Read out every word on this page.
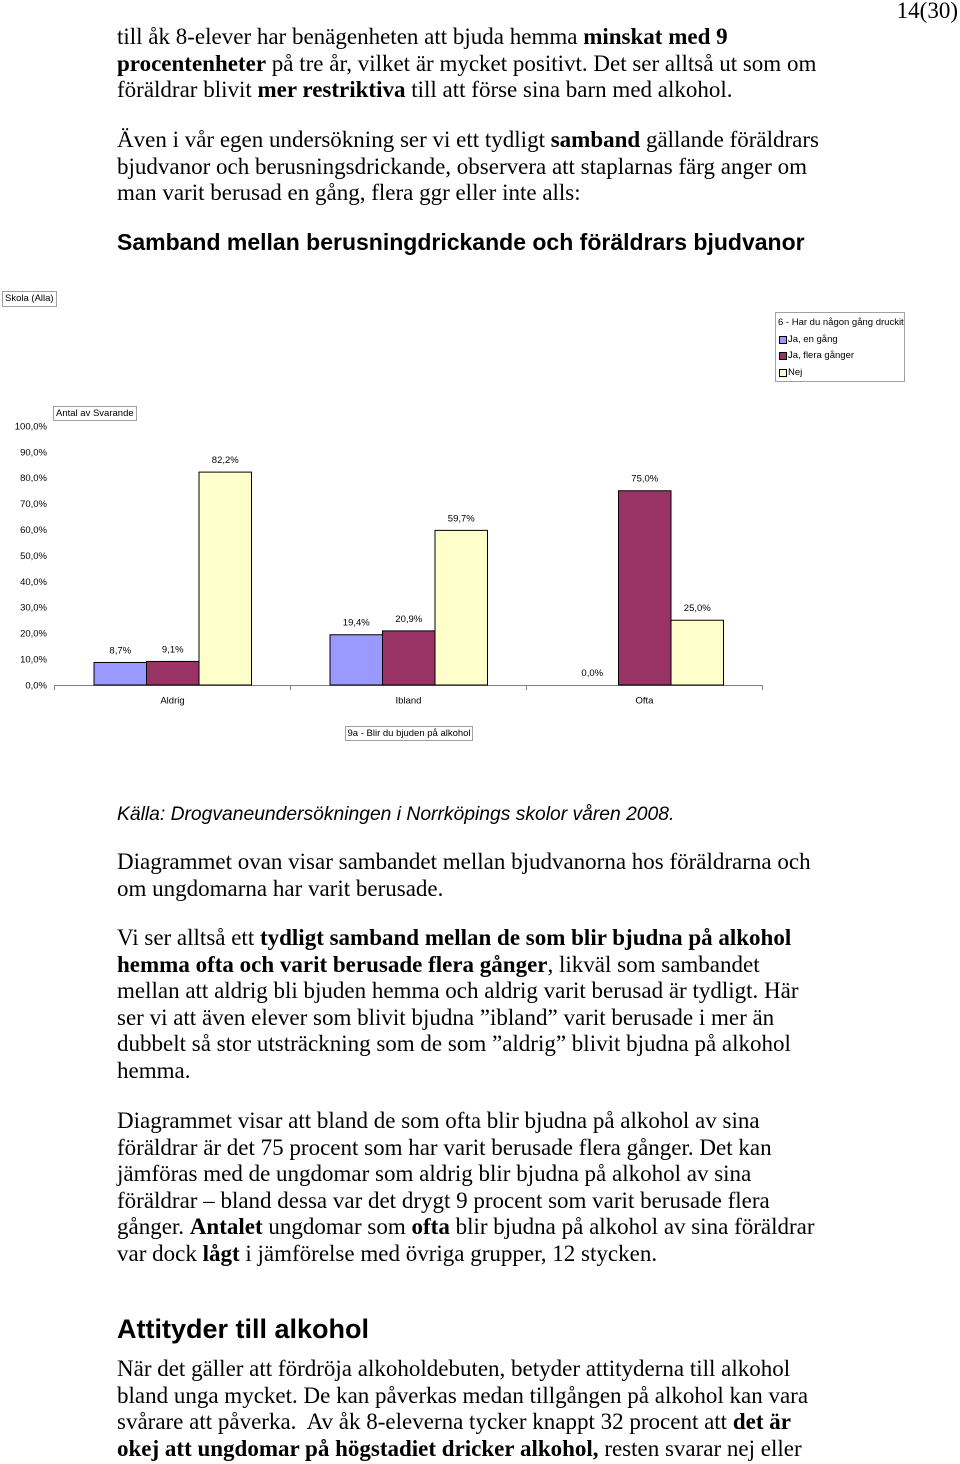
14(30)
till åk 8-elever har benägenheten att bjuda hemma minskat med 9
procentenheter på tre år, vilket är mycket positivt. Det ser alltså ut som om
föräldrar blivit mer restriktiva till att förse sina barn med alkohol.
Även i vår egen undersökning ser vi ett tydligt samband gällande föräldrars
bjudvanor och berusningsdrickande, observera att staplarnas färg anger om
man varit berusad en gång, flera ggr eller inte alls:
Samband mellan berusningdrickande och föräldrars bjudvanor
Skola (Alla)
6 - Har du någon gång druckit
Ja, en gång
Ja, flera gånger
Nej
Antal av Svarande
0,0%
10,0%
20,0%
30,0%
40,0%
50,0%
60,0%
70,0%
80,0%
90,0%
100,0%
Aldrig	Ibland	Ofta
8,7%
19,4%
0,0%
9,1%
20,9%
75,0%
82,2%
59,7%
25,0%
9a - Blir du bjuden på alkohol
Källa: Drogvaneundersökningen i Norrköpings skolor våren 2008.
Diagrammet ovan visar sambandet mellan bjudvanorna hos föräldrarna och
om ungdomarna har varit berusade.
Vi ser alltså ett tydligt samband mellan de som blir bjudna på alkohol
hemma ofta och varit berusade flera gånger, likväl som sambandet
mellan att aldrig bli bjuden hemma och aldrig varit berusad är tydligt. Här
ser vi att även elever som blivit bjudna ”ibland” varit berusade i mer än
dubbelt så stor utsträckning som de som ”aldrig” blivit bjudna på alkohol
hemma.
Diagrammet visar att bland de som ofta blir bjudna på alkohol av sina
föräldrar är det 75 procent som har varit berusade flera gånger. Det kan
jämföras med de ungdomar som aldrig blir bjudna på alkohol av sina
föräldrar – bland dessa var det drygt 9 procent som varit berusade flera
gånger. Antalet ungdomar som ofta blir bjudna på alkohol av sina föräldrar
var dock lågt i jämförelse med övriga grupper, 12 stycken.
Attityder till alkohol
När det gäller att fördröja alkoholdebuten, betyder attityderna till alkohol
bland unga mycket. De kan påverkas medan tillgången på alkohol kan vara
svårare att påverka.  Av åk 8-eleverna tycker knappt 32 procent att det är
okej att ungdomar på högstadiet dricker alkohol, resten svarar nej eller
